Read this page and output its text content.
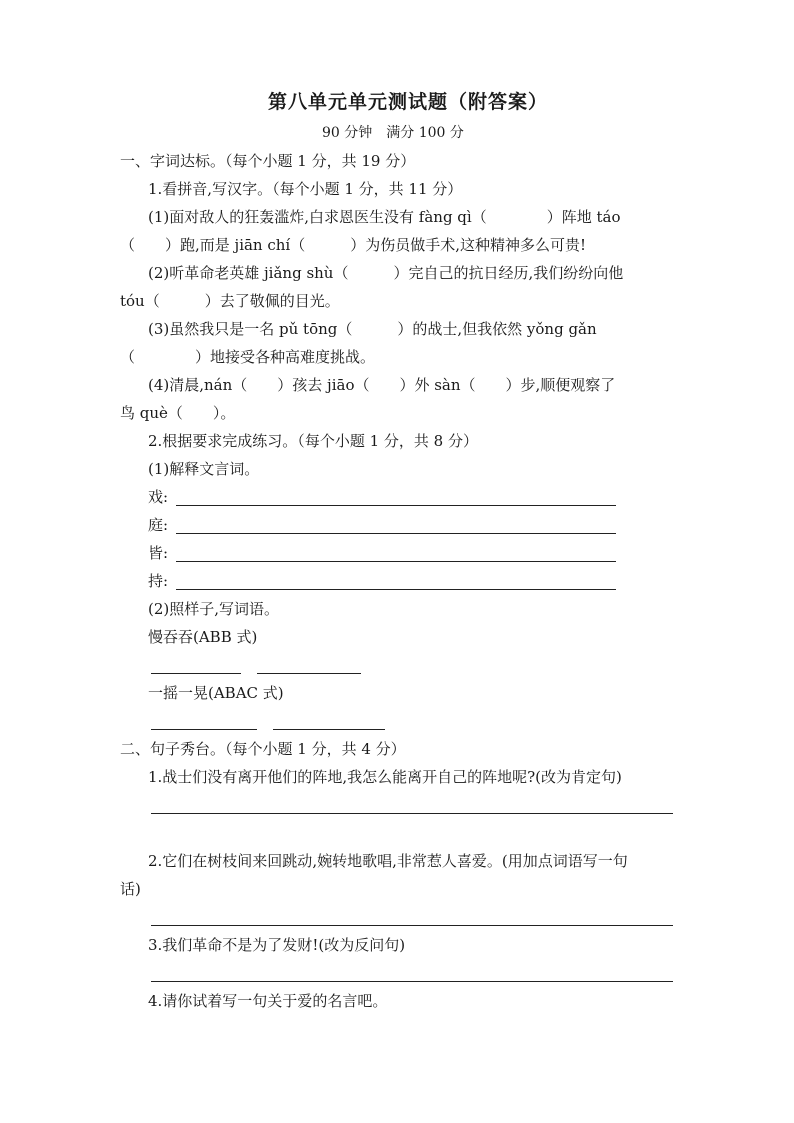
第八单元单元测试题（附答案）
90 分钟　满分 100 分
一、字词达标。（每个小题 1 分，共 19 分）
1.看拼音,写汉字。（每个小题 1 分，共 11 分）
(1)面对敌人的狂轰滥炸,白求恩医生没有 fàng qì（　　　　）阵地 táo
（　　）跑,而是 jiān chí（　　　）为伤员做手术,这种精神多么可贵!
(2)听革命老英雄 jiǎng shù（　　　）完自己的抗日经历,我们纷纷向他
tóu（　　　）去了敬佩的目光。
(3)虽然我只是一名 pǔ tōng（　　　）的战士,但我依然 yǒng gǎn
（　　　　）地接受各种高难度挑战。
(4)清晨,nán（　　）孩去 jiāo（　　）外 sàn（　　）步,顺便观察了
鸟 què（　　）。
2.根据要求完成练习。（每个小题 1 分，共 8 分）
(1)解释文言词。
戏:
庭:
皆:
持:
(2)照样子,写词语。
慢吞吞(ABB 式)
一摇一晃(ABAC 式)
二、句子秀台。（每个小题 1 分，共 4 分）
1.战士们没有离开他们的阵地,我怎么能离开自己的阵地呢?(改为肯定句)
2.它们在树枝间来回跳动,婉转地歌唱,非常惹人喜爱。(用加点词语写一句
话)
3.我们革命不是为了发财!(改为反问句)
4.请你试着写一句关于爱的名言吧。
